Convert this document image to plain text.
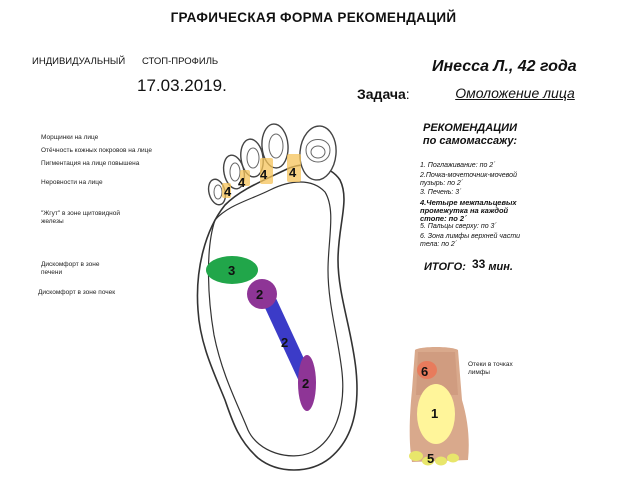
ГРАФИЧЕСКАЯ ФОРМА РЕКОМЕНДАЦИЙ
ИНДИВИДУАЛЬНЫЙ СТОП-ПРОФИЛЬ
17.03.2019.
Инесса Л., 42 года
Задача:	Омоложение лица
РЕКОМЕНДАЦИИ
по самомассажу:
1. Поглаживание: по 2´
2.Почка-мочеточник-мочевой пузырь: по 2´
3. Печень: 3´
4.Четыре межпальцевых промежутка на каждой стопе: по 2´
5. Пальцы сверху: по 3´
6. Зона лимфы верхней части тела: по 2´
ИТОГО: 33 мин.
Морщинки на лице
Отёчность кожных покровов на лице
Пигментация на лице повышена
Неровности на лице
"Жгут" в зоне щитовидной железы
Дискомфорт в зоне печени
Дискомфорт в зоне почек
Отеки в точках лимфы
4
4
4 4
3
2
2
2
6
1
5
